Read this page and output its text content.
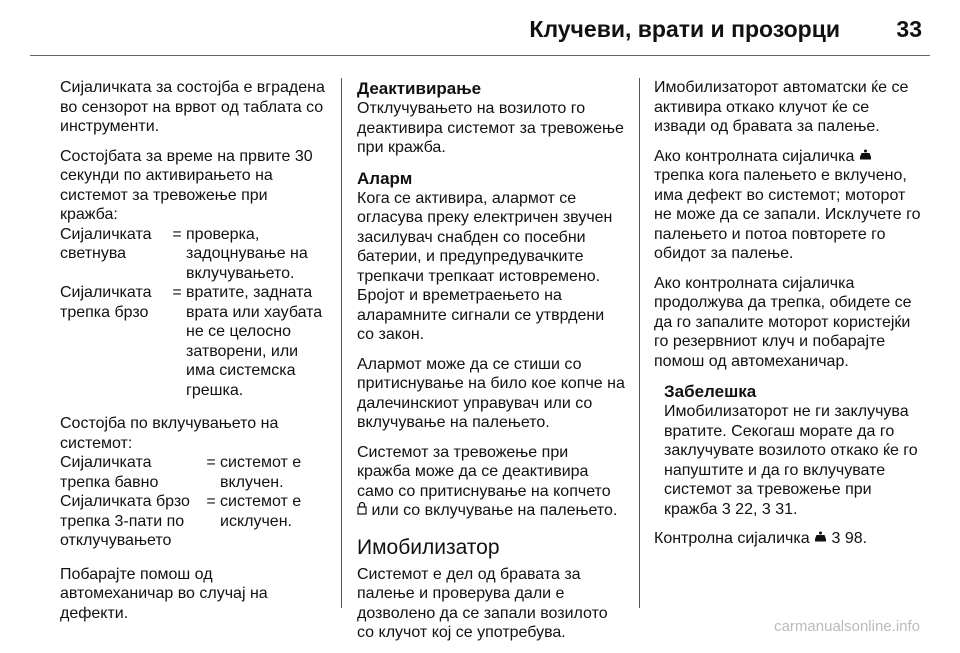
Клучеви, врати и прозорци 33

Сијаличката за состојба е вградена во сензорот на врвот од таблата со инструменти.

Состојбата за време на првите 30 секунди по активирањето на системот за тревожење при кражба:

Сијаличката светнува
= проверка, задоцнување на вклучувањето.
Сијаличката трепка брзо
= вратите, задната врата или хаубата не се целосно затворени, или има системска грешка.

Состојба по вклучувањето на системот:

Сијаличката трепка бавно
= системот е вклучен.
Сијаличката брзо трепка 3-пати по отклучувањето
= системот е исклучен.

Побарајте помош од автомеханичар во случај на дефекти.

Деактивирање

Отклучувањето на возилото го деактивира системот за тревожење при кражба.

Аларм

Кога се активира, алармот се огласува преку електричен звучен засилувач снабден со посебни батерии, и предупредувачките трепкачи трепкаат истовремено. Бројот и времетраењето на аларамните сигнали се утврдени со закон.

Алармот може да се стиши со притиснување на било кое копче на далечинскиот управувач или со вклучување на палењето.

Системот за тревожење при кражба може да се деактивира само со притиснување на копчето
или со вклучување на палењето.

Имобилизатор

Системот е дел од бравата за палење и проверува дали е дозволено да се запали возилото со клучот кој се употребува.

Имобилизаторот автоматски ќе се активира откако клучот ќе се извади од бравата за палење.

Ако контролната сијаличка  трепка кога палењето е вклучено, има дефект во системот; моторот не може да се запали. Исклучете го палењето и потоа повторете го обидот за палење.

Ако контролната сијаличка продолжува да трепка, обидете се да го запалите моторот користејќи го резервниот клуч и побарајте помош од автомеханичар.

Забелешка

Имобилизаторот не ги заклучува вратите. Секогаш морате да го заклучувате возилото откако ќе го напуштите и да го вклучувате системот за тревожење при кражба 3 22, 3 31.

Контролна сијаличка 3 98.

carmanualsonline.info
